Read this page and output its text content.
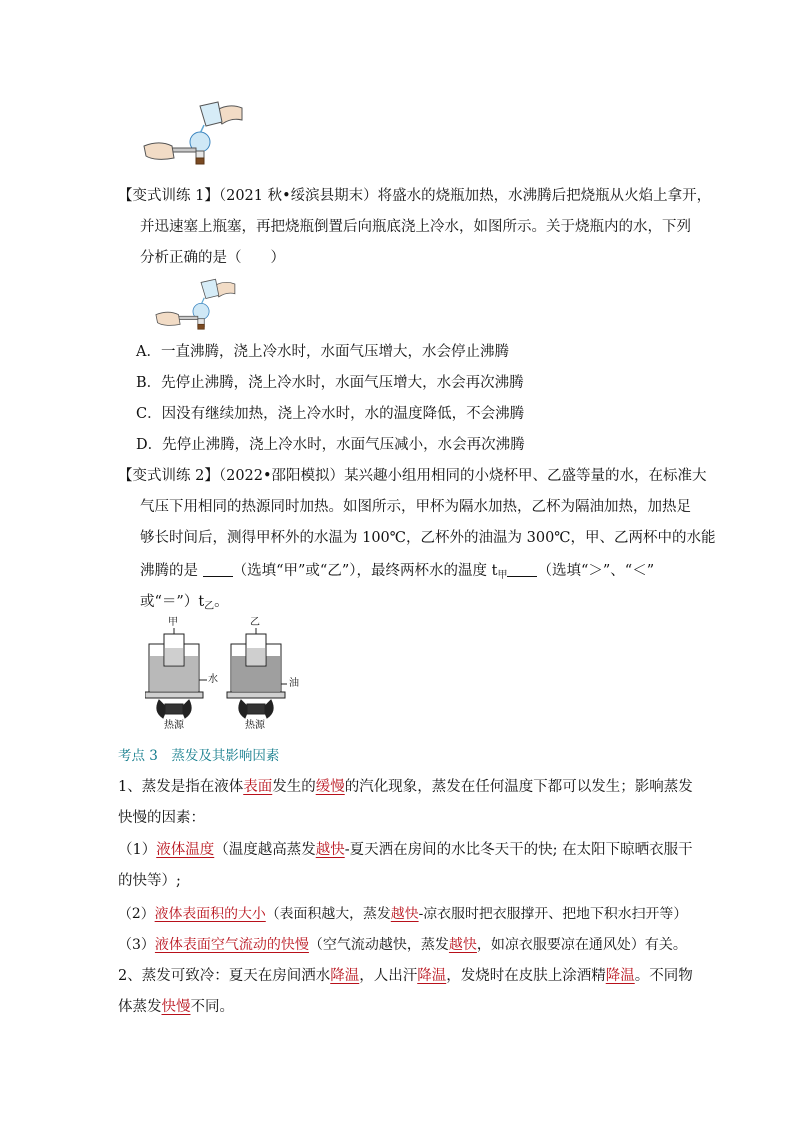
【变式训练 1】（2021 秋•绥滨县期末）将盛水的烧瓶加热，水沸腾后把烧瓶从火焰上拿开，
并迅速塞上瓶塞，再把烧瓶倒置后向瓶底浇上冷水，如图所示。关于烧瓶内的水，下列
分析正确的是（　　）
A．一直沸腾，浇上冷水时，水面气压增大，水会停止沸腾
B．先停止沸腾，浇上冷水时，水面气压增大，水会再次沸腾
C．因没有继续加热，浇上冷水时，水的温度降低，不会沸腾
D．先停止沸腾，浇上冷水时，水面气压减小，水会再次沸腾
【变式训练 2】（2022•邵阳模拟）某兴趣小组用相同的小烧杯甲、乙盛等量的水，在标准大
气压下用相同的热源同时加热。如图所示，甲杯为隔水加热，乙杯为隔油加热，加热足
够长时间后，测得甲杯外的水温为 100℃，乙杯外的油温为 300℃，甲、乙两杯中的水能
沸腾的是 （选填“甲”或“乙”），最终两杯水的温度 $t_甲$ （选填“＞”、“＜”
或“$=”)t_乙$。
甲	乙
水	油
热源	热源
考点 3　蒸发及其影响因素
1、蒸发是指在液体表面发生的缓慢的汽化现象，蒸发在任何温度下都可以发生；影响蒸发
快慢的因素：
（1）液体温度（温度越高蒸发越快-夏天洒在房间的水比冬天干的快; 在太阳下晾晒衣服干
的快等）;
（2）液体表面积的大小（表面积越大，蒸发越快-凉衣服时把衣服撑开、把地下积水扫开等）
（3）液体表面空气流动的快慢（空气流动越快，蒸发越快，如凉衣服要凉在通风处）有关。
2、蒸发可致冷：夏天在房间洒水降温，人出汗降温，发烧时在皮肤上涂酒精降温。不同物
体蒸发快慢不同。
